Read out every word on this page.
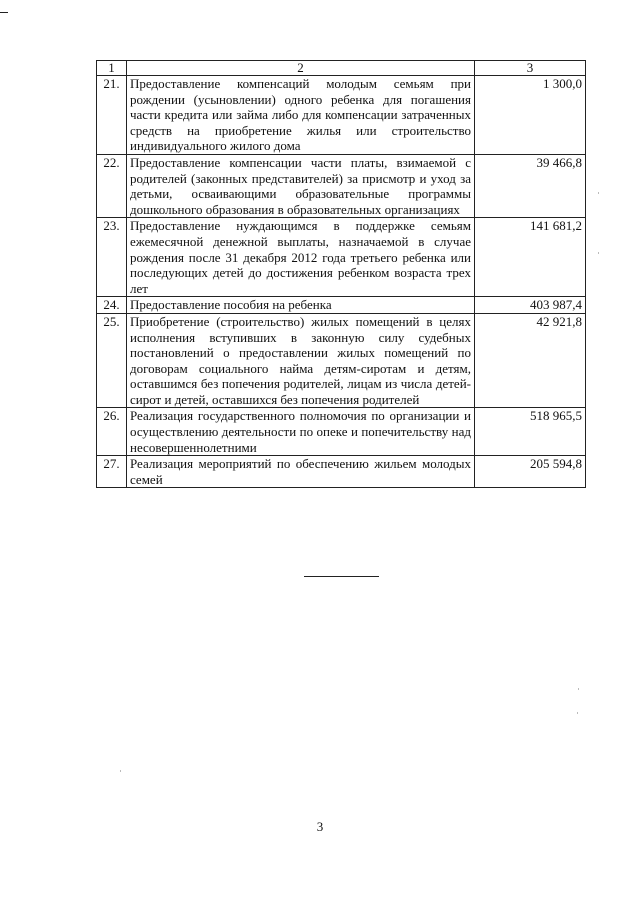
1	2	3
21.	Предоставление компенсаций молодым семьям при рождении (усыновлении) одного ребенка для погашения части кредита или займа либо для компенсации затраченных средств на приобретение жилья или строительство индивидуального жилого дома	1 300,0
22.	Предоставление компенсации части платы, взимаемой с родителей (законных представителей) за присмотр и уход за детьми, осваивающими образовательные программы дошкольного образования в образовательных организациях	39 466,8
23.	Предоставление нуждающимся в поддержке семьям ежемесячной денежной выплаты, назначаемой в случае рождения после 31 декабря 2012 года третьего ребенка или последующих детей до достижения ребенком возраста трех лет	141 681,2
24.	Предоставление пособия на ребенка	403 987,4
25.	Приобретение (строительство) жилых помещений в целях исполнения вступивших в законную силу судебных постановлений о предоставлении жилых помещений по договорам социального найма детям-сиротам и детям, оставшимся без попечения родителей, лицам из числа детей-сирот и детей, оставшихся без попечения родителей	42 921,8
26.	Реализация государственного полномочия по организации и осуществлению деятельности по опеке и попечительству над несовершеннолетними	518 965,5
27.	Реализация мероприятий по обеспечению жильем молодых семей	205 594,8
3
